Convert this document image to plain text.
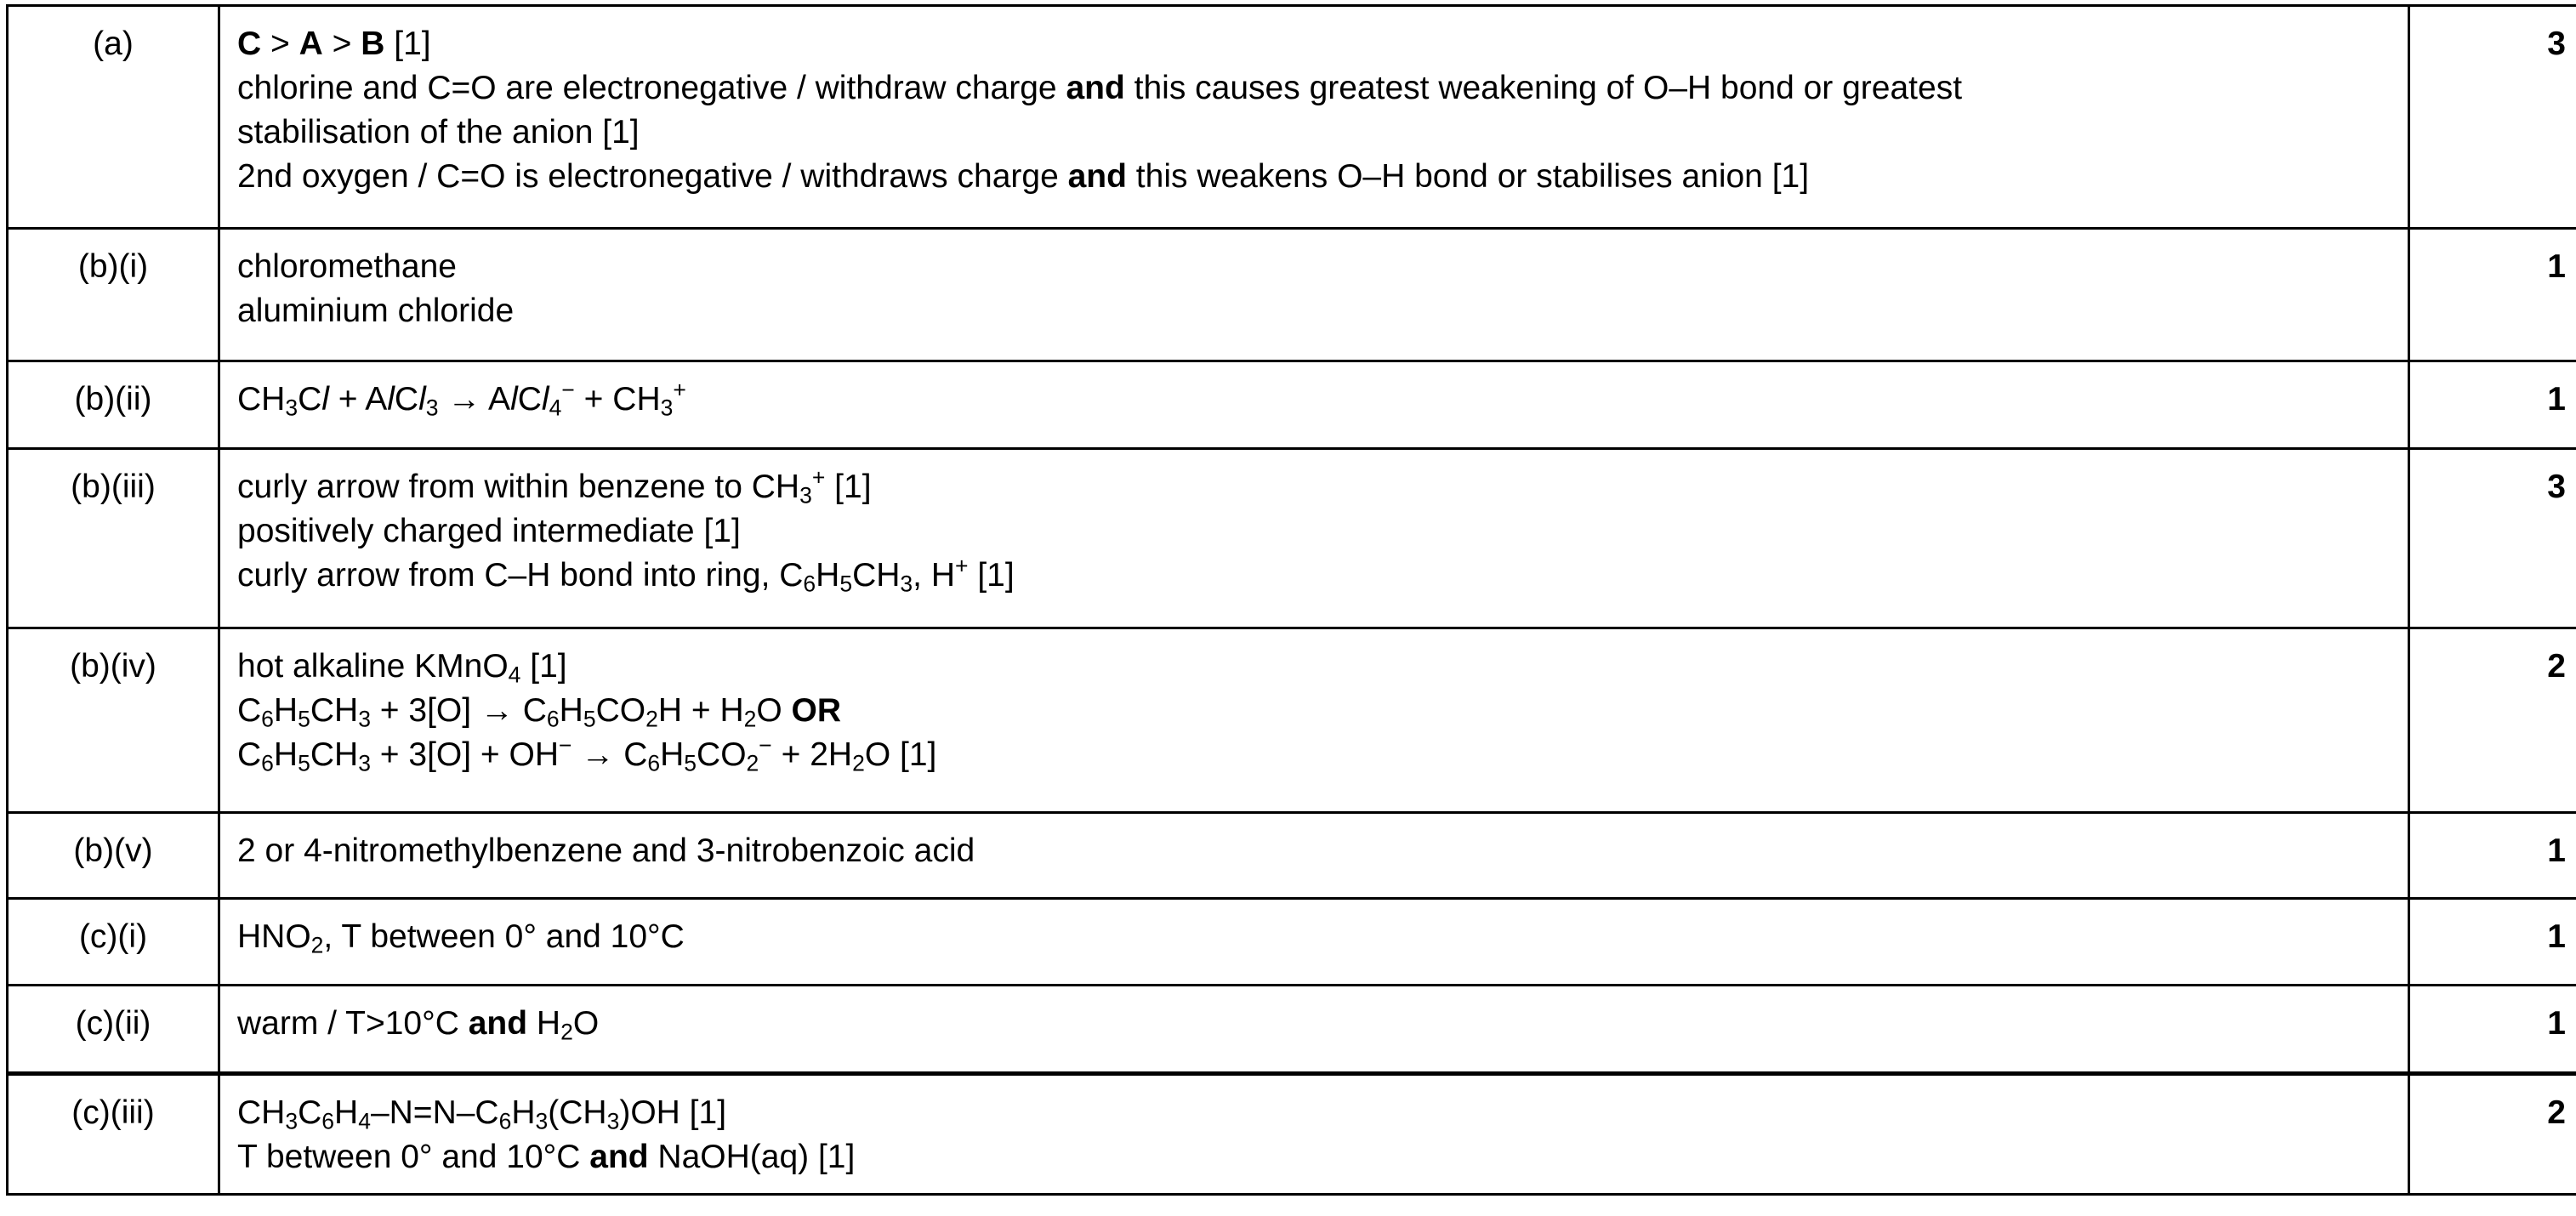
(a)	C > A > B [1]
chlorine and C=O are electronegative / withdraw charge and this causes greatest weakening of O–H bond or greatest
stabilisation of the anion [1]
2nd oxygen / C=O is electronegative / withdraws charge and this weakens O–H bond or stabilises anion [1]	3
(b)(i)	chloromethane
aluminium chloride	1
(b)(ii)	$CH_3Cl$ + AlCl$_3$ → AlCl$_4$− + $CH_3^+$	1
(b)(iii)	curly arrow from within benzene to $CH_3^+$ [1]
positively charged intermediate [1]
curly arrow from C–H bond into ring, $C_6H_5CH_3$, H+ [1]	3
(b)(iv)	hot alkaline KMnO$_4$ [1]
$C_6H_5CH_3 + 3[O] \to C_6H_5CO_2H + H_2O$ OR
$C_6H_5CH_3 + 3[O] + OH^- \to C_6H_5CO_2^- + 2H_2O$ [1]	2
(b)(v)	2 or 4-nitromethylbenzene and 3-nitrobenzoic acid	1
(c)(i)	$HNO_2$, T between 0° and 10°C	1
(c)(ii)	warm / T>10°C and $H_2O$	1
(c)(iii)	$CH_3C_6H_4-N=N-C_6H_3(CH_3)OH$ [1]
T between 0° and 10°C and NaOH(aq) [1]
	2
